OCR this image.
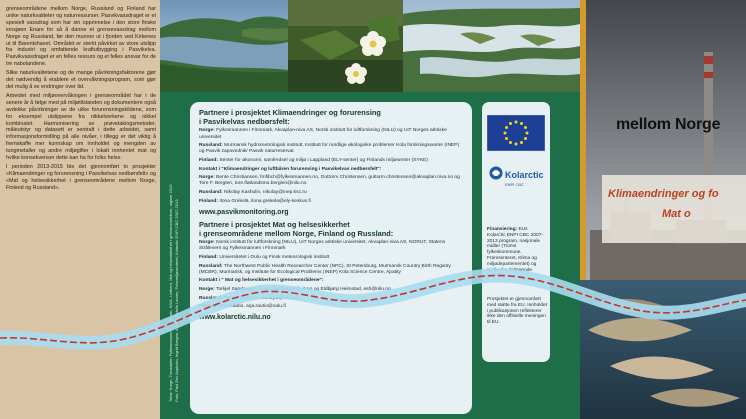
grenseområdene mellom Norge, Russland og Finland har unike naturkvaliteter og naturressurser. Pasvikvassdraget er et spesielt vassdrag som har sin opprinnelse i den store finske innsjøen Enare for så å danne et grensevassdrag mellom Norge og Russland, før den munner ut i fjorden ved Kirkenes ut til Barentshavet. Området er sterkt påvirket av store utslipp fra industri og omfattende kraftutbygging i Pasvikelva. Pasvikvassdraget er en felles ressurs og et felles ansvar for de tre nabolandene.

Slike naturkvalitetene og de mange påvirkningsfaktorene gjør det nødvendig å etablere et overvåkningsprogram, som gjør det mulig å se endringer over tid.

Arbeidet med miljøovervåkingen i grenseområdet har i de senere år å følge med på miljøtilstanden og dokumentere også avdekke påvirkninger av de ulike forurensningskildene, som for eksempel utslippene fra nikkelverkene og nikkel kombinatet. Harmonisering av prøvetakingsmetoder, måleutstyr og datasett er sentralt i dette arbeidet, samt informasjonsformidling på alle nivåer, i tillegg er det viktig å fremskaffe mer kunnskap om innholdet og mengden av tungmetaller og andre miljøgifter i lokalt innhentet mat og hvilke konsekvenser dette kan ha for folks helse.

I perioden 2013-2015 ble det gjennomført to prosjekter «Klimaendringer og forurensning i Pasvikelvas nedbørsfelt» og «Mat og helsesikkerhet i grenseområdene mellom Norge, Finland og Russland».	Tekst: Norge, Tronsdalen Fylkesmannen i Finnmark, NIVA, Unifront, Mat og helsesikkerhet i grenseområdene, utgiver 2015 Foto: Paul Eric Aspholm, Ingrid Bergan, Anna Sundelin Larsen, Polarmiljøsenteret, Kolarctic ENPI CBC 2007-2013
Partnere i prosjektet Klimaendringer og forurensing
i Pasvikelvas nedbørsfelt:
Norge: Fylkesmannen i Finnmark, Akvaplan-niva AS, Norsk institutt for luftforskning (NILU) og UiT Norges arktiske universitet
Russland: Murmansk hydrometrologisk institutt, Institutt for nordlige økologiske problemer Kola forskningssenter (INEP) og Pasvik zapovednik/ Pasvik naturreservat
Finland: Senter for økonomi, samferdsel og miljø i Lappland (ELY-senter) og Finlands miljøsenter (SYKE)
Kontakt i "Klimaendringer og luftbåren forurensing i Pasvikelvas nedbørsfelt":
Norge: Bente Christiansen, fmfibch@fylkesmannen.no, Guttorm Christensen, guttorm.christensen@akvaplan.niva.no og Tore F. Berglen, tore.flatlandsmo.berglen@nilu.no
Russland: Nikolay Kashulin, nikolay@inep.ksc.ru
Finland: Ilona Grekelä, ilona.grekela@ely-keskus.fi
www.pasvikmonitoring.org
Partnere i prosjektet Mat og helsesikkerhet
i grenseområdene mellom Norge, Finland og Russland:
Norge: Norsk institutt for luftforskning (NILU), UiT Norges arktiske universitet, Akvaplan-niva AS, NORUT, Statens Strålevern og Fylkesmannen i Finnmark
Finland: Universitetet i Oulu og Finsk meteorologisk institutt
Russland: The Northwest Public Health Researcher Center (NPC), St Petersburg, Murmansk Country Birth Registry (MCBR), Murmansk, og Institute for Ecological Problems (INEP) Kola Science Centre, Apatity
Kontakt i " Mat og helsesikkerhet i grenseområdene":
Norge: Torkjel Sandanger, torkjel.sandanger@uit.no og Eldbjørg Heimstad, esh@nilu.no
Russland: Alexey Dudarev, alexey.d@inbox.ru
Finland: Arja Rautio, arja.rautio@oulu.fi
www.kolarctic.nilu.no
Kolarctic
ENPI CBC
Finansiering: EUs Kolarctic ENPI CBC 2007-2013 program, nasjonale midler (Troms fylkeskommune, Framsenteret, Klima og miljødepartementet) og midler fra deltagende partnere.
Prosjektet er gjennomført med støtte fra EU. Innholdet i publikasjonen reflekterer ikke den offisielle meningen til EU.
mellom Norge
Klimaendringer og fo
Mat o
